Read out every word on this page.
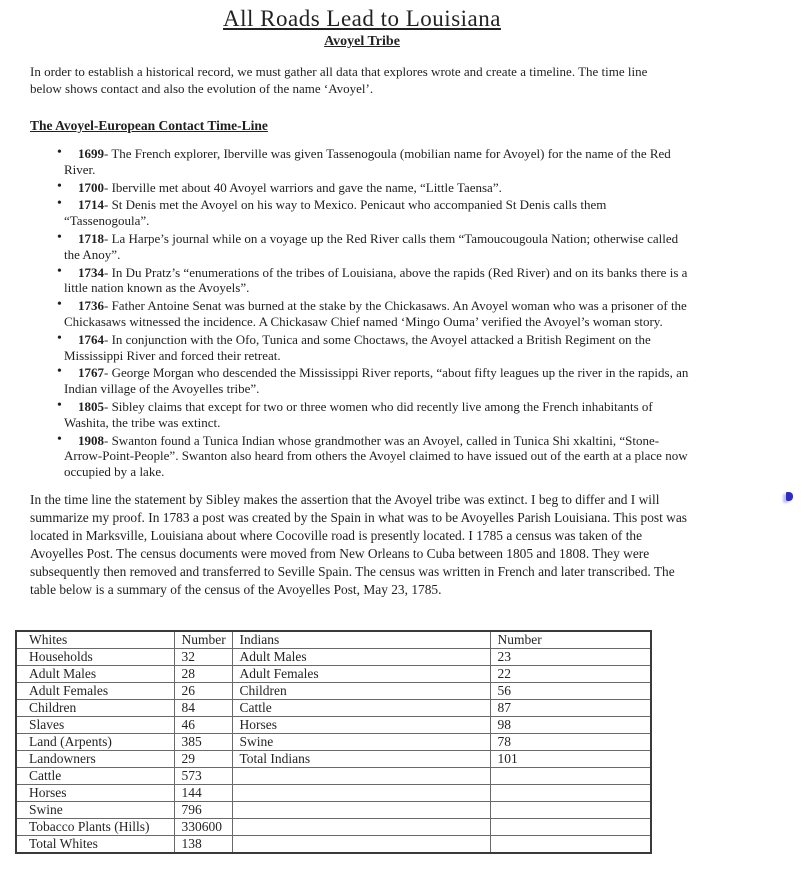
All Roads Lead to Louisiana
Avoyel Tribe

In order to establish a historical record, we must gather all data that explores wrote and create a timeline. The time line below shows contact and also the evolution of the name ‘Avoyel’.

The Avoyel-European Contact Time-Line
• 1699- The French explorer, Iberville was given Tassenogoula (mobilian name for Avoyel) for the name of the Red River.
• 1700- Iberville met about 40 Avoyel warriors and gave the name, “Little Taensa”.
• 1714- St Denis met the Avoyel on his way to Mexico. Penicaut who accompanied St Denis calls them “Tassenogoula”.
• 1718- La Harpe’s journal while on a voyage up the Red River calls them “Tamoucougoula Nation; otherwise called the Anoy”.
• 1734- In Du Pratz’s “enumerations of the tribes of Louisiana, above the rapids (Red River) and on its banks there is a little nation known as the Avoyels”.
• 1736- Father Antoine Senat was burned at the stake by the Chickasaws. An Avoyel woman who was a prisoner of the Chickasaws witnessed the incidence. A Chickasaw Chief named ‘Mingo Ouma’ verified the Avoyel’s woman story.
• 1764- In conjunction with the Ofo, Tunica and some Choctaws, the Avoyel attacked a British Regiment on the Mississippi River and forced their retreat.
• 1767- George Morgan who descended the Mississippi River reports, “about fifty leagues up the river in the rapids, an Indian village of the Avoyelles tribe”.
• 1805- Sibley claims that except for two or three women who did recently live among the French inhabitants of Washita, the tribe was extinct.
• 1908- Swanton found a Tunica Indian whose grandmother was an Avoyel, called in Tunica Shi xkaltini, “Stone-Arrow-Point-People”. Swanton also heard from others the Avoyel claimed to have issued out of the earth at a place now occupied by a lake.

In the time line the statement by Sibley makes the assertion that the Avoyel tribe was extinct. I beg to differ and I will summarize my proof. In 1783 a post was created by the Spain in what was to be Avoyelles Parish Louisiana. This post was located in Marksville, Louisiana about where Cocoville road is presently located. I 1785 a census was taken of the Avoyelles Post. The census documents were moved from New Orleans to Cuba between 1805 and 1808. They were subsequently then removed and transferred to Seville Spain. The census was written in French and later transcribed. The table below is a summary of the census of the Avoyelles Post, May 23, 1785.

Whites	Number	Indians	Number
Households	32	Adult Males	23
Adult Males	28	Adult Females	22
Adult Females	26	Children	56
Children	84	Cattle	87
Slaves	46	Horses	98
Land (Arpents)	385	Swine	78
Landowners	29	Total Indians	101
Cattle	573		
Horses	144		
Swine	796		
Tobacco Plants (Hills)	330600		
Total Whites	138		
